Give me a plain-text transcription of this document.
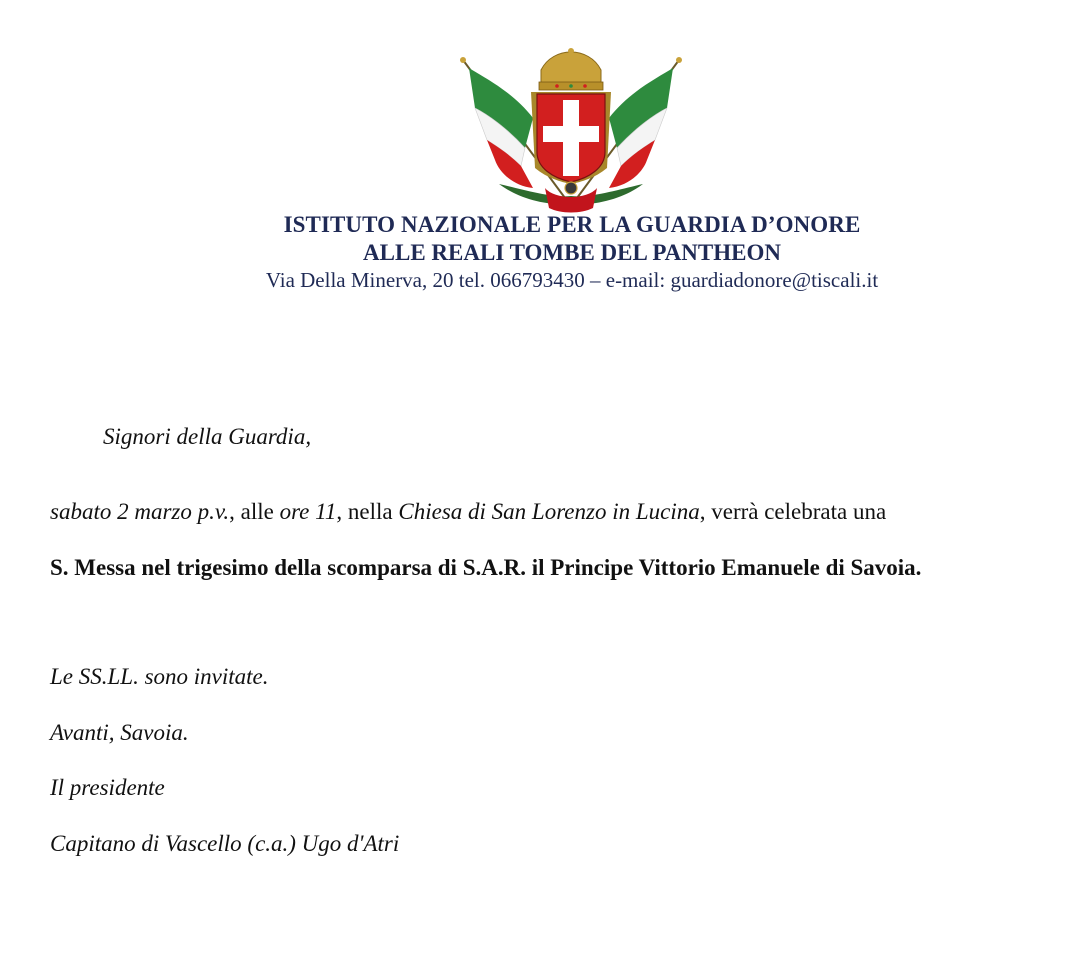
ISTITUTO NAZIONALE PER LA GUARDIA D’ONORE
ALLE REALI TOMBE DEL PANTHEON
Via Della Minerva, 20 tel. 066793430 – e-mail: guardiadonore@tiscali.it
Signori della Guardia,
sabato 2 marzo p.v., alle ore 11, nella Chiesa di San Lorenzo in Lucina, verrà celebrata una
S. Messa nel trigesimo della scomparsa di S.A.R. il Principe Vittorio Emanuele di Savoia.
Le SS.LL. sono invitate.
Avanti, Savoia.
Il presidente
Capitano di Vascello (c.a.) Ugo d'Atri
